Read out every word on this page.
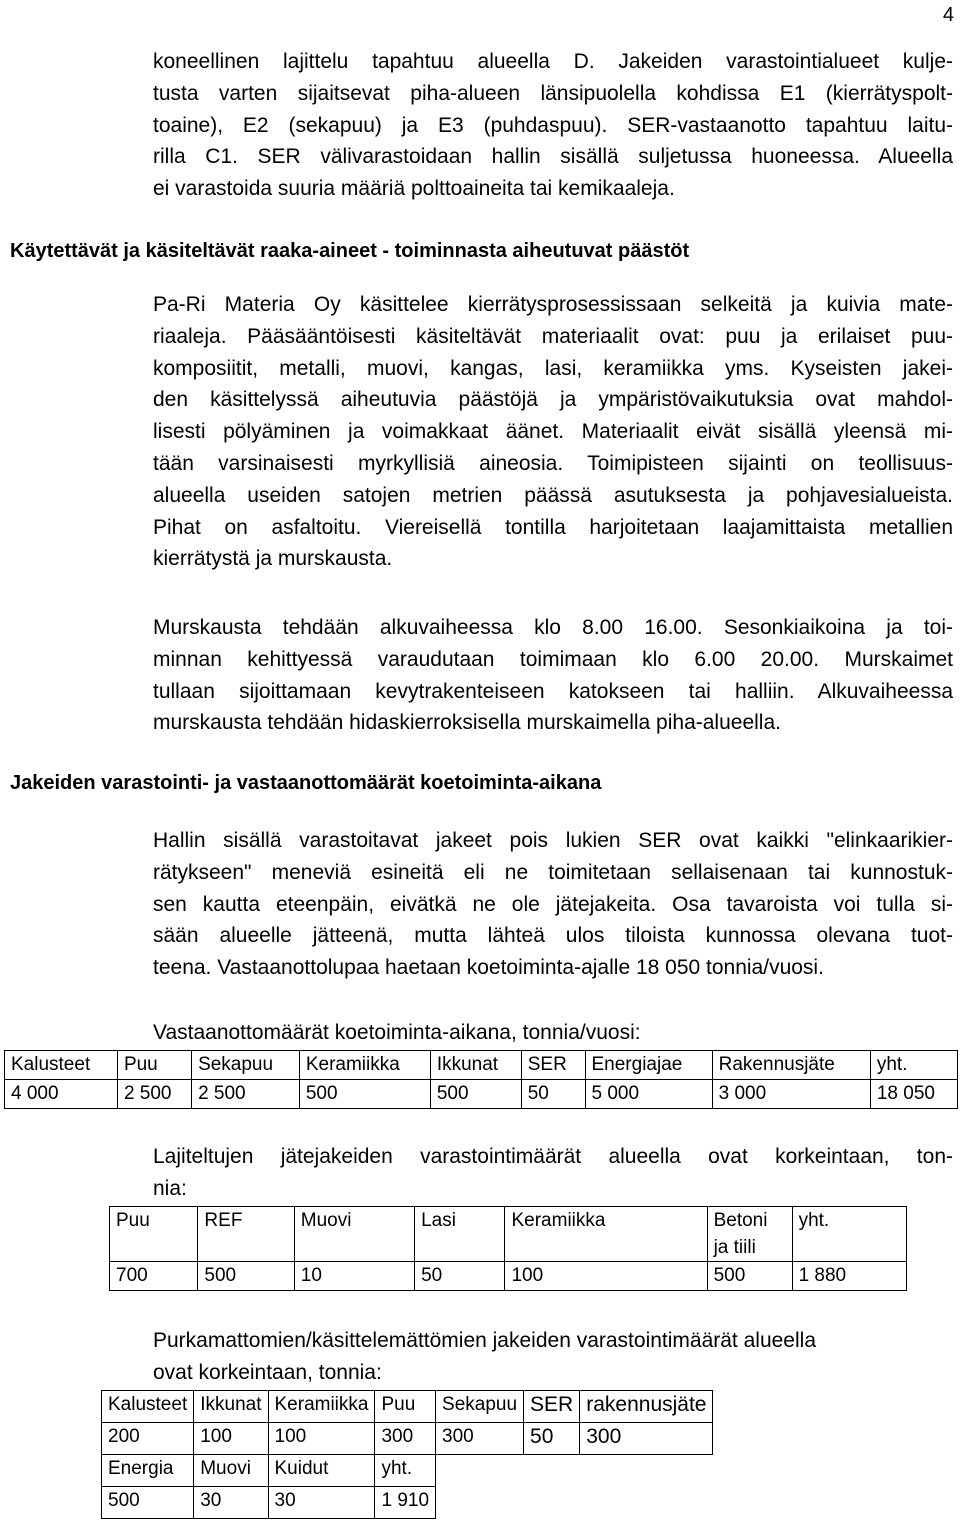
4
koneellinen lajittelu tapahtuu alueella D. Jakeiden varastointialueet kulje-
tusta varten sijaitsevat piha-alueen länsipuolella kohdissa E1 (kierrätyspolt-
toaine), E2 (sekapuu) ja E3 (puhdaspuu). SER-vastaanotto tapahtuu laitu-
rilla C1. SER välivarastoidaan hallin sisällä suljetussa huoneessa. Alueella
ei varastoida suuria määriä polttoaineita tai kemikaaleja.
Käytettävät ja käsiteltävät raaka-aineet - toiminnasta aiheutuvat päästöt
Pa-Ri Materia Oy käsittelee kierrätysprosessissaan selkeitä ja kuivia mate-
riaaleja. Pääsääntöisesti käsiteltävät materiaalit ovat: puu ja erilaiset puu-
komposiitit, metalli, muovi, kangas, lasi, keramiikka yms. Kyseisten jakei-
den käsittelyssä aiheutuvia päästöjä ja ympäristövaikutuksia ovat mahdol-
lisesti pölyäminen ja voimakkaat äänet. Materiaalit eivät sisällä yleensä mi-
tään varsinaisesti myrkyllisiä aineosia. Toimipisteen sijainti on teollisuus-
alueella useiden satojen metrien päässä asutuksesta ja pohjavesialueista.
Pihat on asfaltoitu. Viereisellä tontilla harjoitetaan laajamittaista metallien
kierrätystä ja murskausta.
Murskausta tehdään alkuvaiheessa klo 8.00 16.00. Sesonkiaikoina ja toi-
minnan kehittyessä varaudutaan toimimaan klo 6.00 20.00. Murskaimet
tullaan sijoittamaan kevytrakenteiseen katokseen tai halliin. Alkuvaiheessa
murskausta tehdään hidaskierroksisella murskaimella piha-alueella.
Jakeiden varastointi- ja vastaanottomäärät koetoiminta-aikana
Hallin sisällä varastoitavat jakeet pois lukien SER ovat kaikki "elinkaarikier-
rätykseen" meneviä esineitä eli ne toimitetaan sellaisenaan tai kunnostuk-
sen kautta eteenpäin, eivätkä ne ole jätejakeita. Osa tavaroista voi tulla si-
sään alueelle jätteenä, mutta lähteä ulos tiloista kunnossa olevana tuot-
teena. Vastaanottolupaa haetaan koetoiminta-ajalle 18 050 tonnia/vuosi.
Vastaanottomäärät koetoiminta-aikana, tonnia/vuosi:
Kalusteet	Puu	Sekapuu	Keramiikka	Ikkunat	SER	Energiajae	Rakennusjäte	yht.
4 000	2 500	2 500	500	500	50	5 000	3 000	18 050
Lajiteltujen jätejakeiden varastointimäärät alueella ovat korkeintaan, ton-
nia:
Puu	REF	Muovi	Lasi	Keramiikka	Betoni ja tiili	yht.
700	500	10	50	100	500	1 880
Purkamattomien/käsittelemättömien jakeiden varastointimäärät alueella
ovat korkeintaan, tonnia:
Kalusteet	Ikkunat	Keramiikka	Puu	Sekapuu	SER	rakennusjäte
200	100	100	300	300	50	300
Energia	Muovi	Kuidut	yht.			
500	30	30	1 910			
